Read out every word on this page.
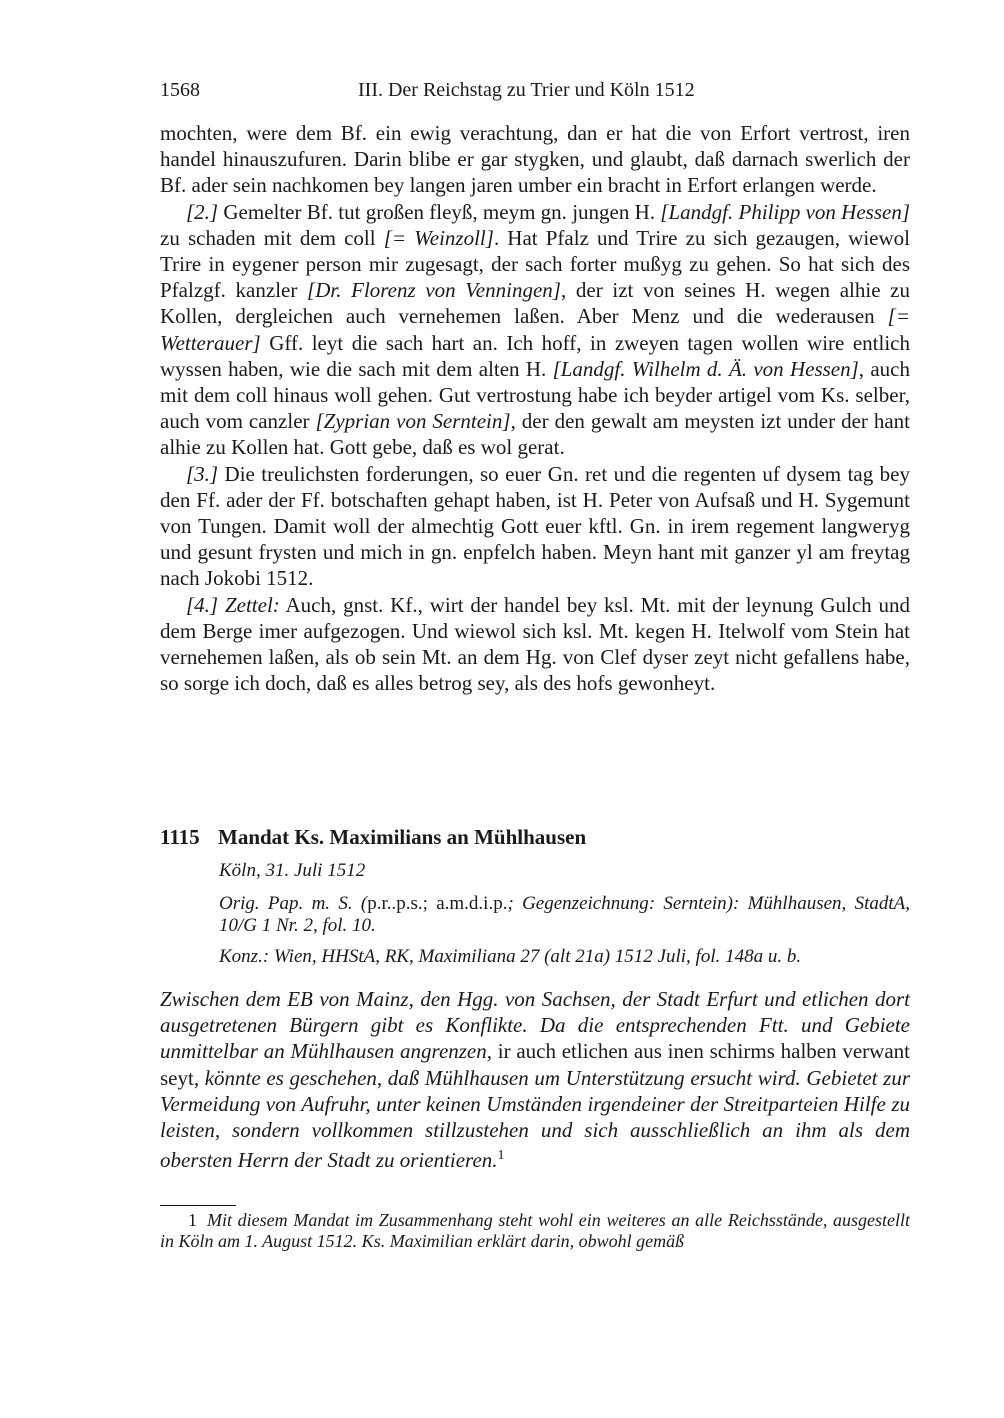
1568	III. Der Reichstag zu Trier und Köln 1512

mochten, were dem Bf. ein ewig verachtung, dan er hat die von Erfort vertrost, iren handel hinauszufuren. Darin blibe er gar stygken, und glaubt, daß darnach swerlich der Bf. ader sein nachkomen bey langen jaren umber ein bracht in Erfort erlangen werde.

[2.] Gemelter Bf. tut großen fleyß, meym gn. jungen H. [Landgf. Philipp von Hessen] zu schaden mit dem coll [= Weinzoll]. Hat Pfalz und Trire zu sich gezaugen, wiewol Trire in eygener person mir zugesagt, der sach forter mußyg zu gehen. So hat sich des Pfalzgf. kanzler [Dr. Florenz von Venningen], der izt von seines H. wegen alhie zu Kollen, dergleichen auch vernehemen laßen. Aber Menz und die wederausen [= Wetterauer] Gff. leyt die sach hart an. Ich hoff, in zweyen tagen wollen wire entlich wyssen haben, wie die sach mit dem alten H. [Landgf. Wilhelm d. Ä. von Hessen], auch mit dem coll hinaus woll gehen. Gut vertrostung habe ich beyder artigel vom Ks. selber, auch vom canzler [Zyprian von Serntein], der den gewalt am meysten izt under der hant alhie zu Kollen hat. Gott gebe, daß es wol gerat.

[3.] Die treulichsten forderungen, so euer Gn. ret und die regenten uf dysem tag bey den Ff. ader der Ff. botschaften gehapt haben, ist H. Peter von Aufsaß und H. Sygemunt von Tungen. Damit woll der almechtig Gott euer kftl. Gn. in irem regement langweryg und gesunt frysten und mich in gn. enpfelch haben. Meyn hant mit ganzer yl am freytag nach Jokobi 1512.

[4.] Zettel: Auch, gnst. Kf., wirt der handel bey ksl. Mt. mit der leynung Gulch und dem Berge imer aufgezogen. Und wiewol sich ksl. Mt. kegen H. Itelwolf vom Stein hat vernehemen laßen, als ob sein Mt. an dem Hg. von Clef dyser zeyt nicht gefallens habe, so sorge ich doch, daß es alles betrog sey, als des hofs gewonheyt.

1115 Mandat Ks. Maximilians an Mühlhausen

Köln, 31. Juli 1512

Orig. Pap. m. S. (p.r..p.s.; a.m.d.i.p.; Gegenzeichnung: Serntein): Mühlhausen, StadtA, 10/G 1 Nr. 2, fol. 10.

Konz.: Wien, HHStA, RK, Maximiliana 27 (alt 21a) 1512 Juli, fol. 148a u. b.

Zwischen dem EB von Mainz, den Hgg. von Sachsen, der Stadt Erfurt und etlichen dort ausgetretenen Bürgern gibt es Konflikte. Da die entsprechenden Ftt. und Gebiete unmittelbar an Mühlhausen angrenzen, ir auch etlichen aus inen schirms halben verwant seyt, könnte es geschehen, daß Mühlhausen um Unterstützung ersucht wird. Gebietet zur Vermeidung von Aufruhr, unter keinen Umständen irgendeiner der Streitparteien Hilfe zu leisten, sondern vollkommen stillzustehen und sich ausschließlich an ihm als dem obersten Herrn der Stadt zu orientieren.$^1$

1 Mit diesem Mandat im Zusammenhang steht wohl ein weiteres an alle Reichsstände, ausgestellt in Köln am 1. August 1512. Ks. Maximilian erklärt darin, obwohl gemäß
